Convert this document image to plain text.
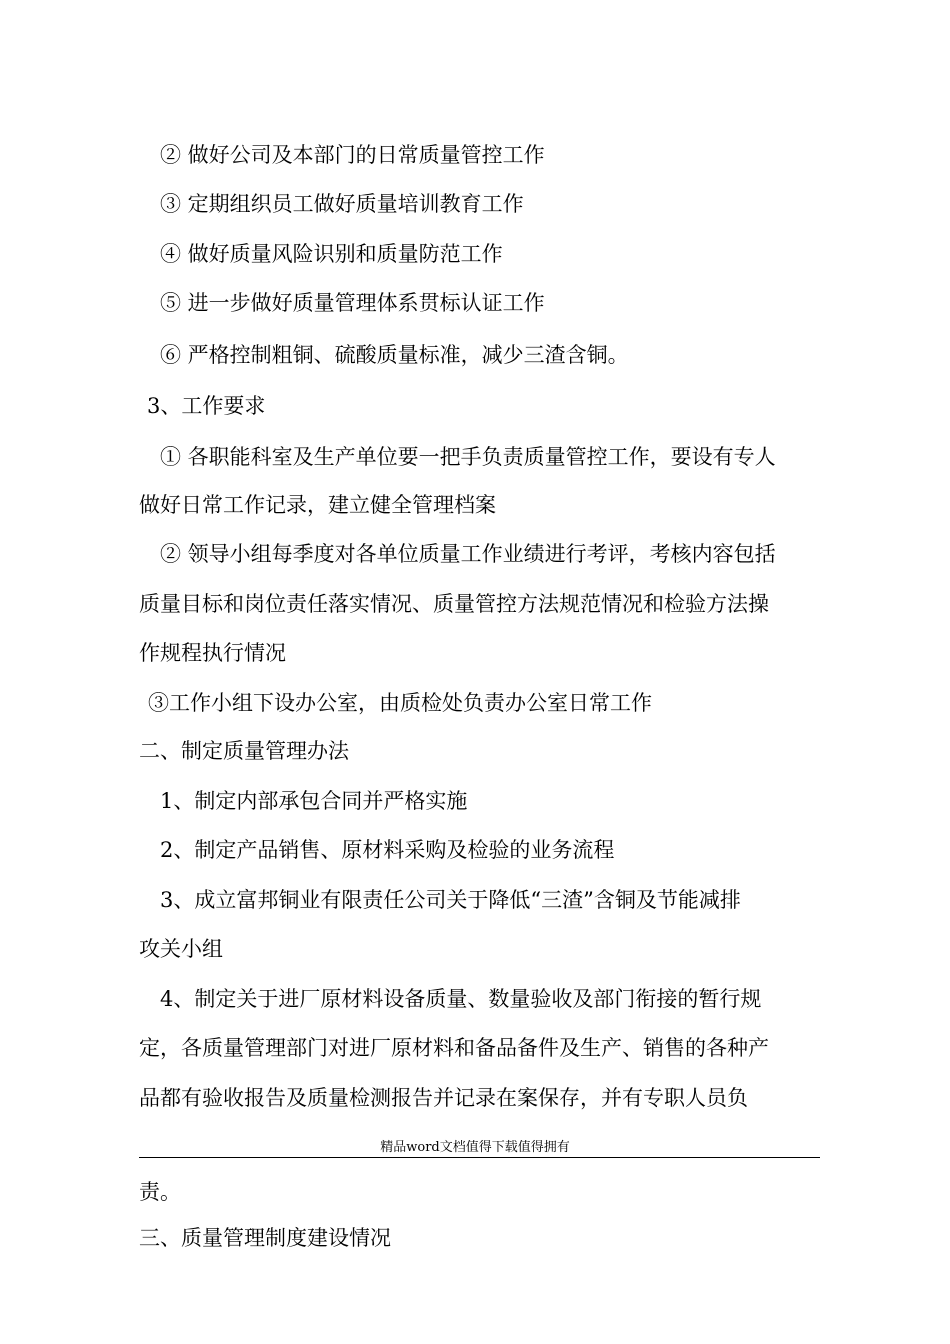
② 做好公司及本部门的日常质量管控工作
③ 定期组织员工做好质量培训教育工作
④ 做好质量风险识别和质量防范工作
⑤ 进一步做好质量管理体系贯标认证工作
⑥ 严格控制粗铜、硫酸质量标准，减少三渣含铜。
3、工作要求
① 各职能科室及生产单位要一把手负责质量管控工作，要设有专人
做好日常工作记录，建立健全管理档案
② 领导小组每季度对各单位质量工作业绩进行考评，考核内容包括
质量目标和岗位责任落实情况、质量管控方法规范情况和检验方法操
作规程执行情况
③工作小组下设办公室，由质检处负责办公室日常工作
二、制定质量管理办法
1、制定内部承包合同并严格实施
2、制定产品销售、原材料采购及检验的业务流程
3、成立富邦铜业有限责任公司关于降低“三渣”含铜及节能减排
攻关小组
4、制定关于进厂原材料设备质量、数量验收及部门衔接的暂行规
定，各质量管理部门对进厂原材料和备品备件及生产、销售的各种产
品都有验收报告及质量检测报告并记录在案保存，并有专职人员负
精品word文档值得下载值得拥有
责。
三、质量管理制度建设情况
